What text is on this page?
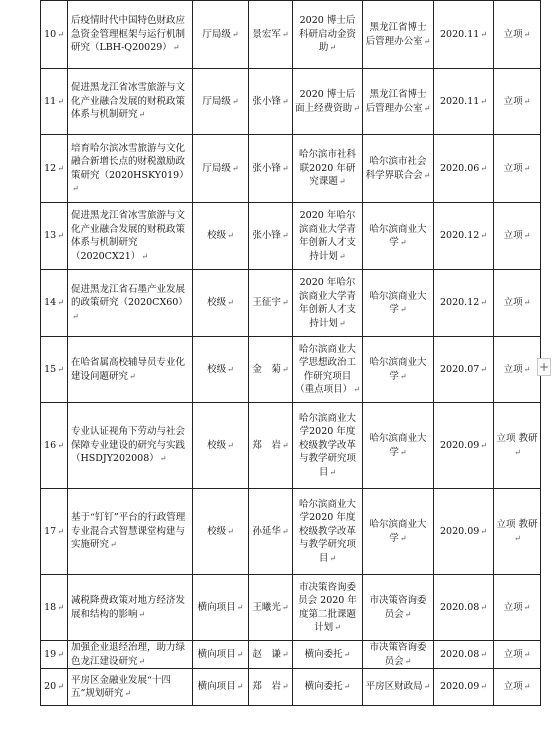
10↵	后疫情时代中国特色财政应急资金管理框架与运行机制研究（LBH-Q20029）↵	厅局级↵	景宏军↵	2020 博士后科研启动金资助↵	黑龙江省博士后管理办公室↵	2020.11↵	立项↵
11↵	促进黑龙江省冰雪旅游与文化产业融合发展的财税政策体系与机制研究↵	厅局级↵	张小锋↵	2020 博士后面上经费资助↵	黑龙江省博士后管理办公室↵	2020.11↵	立项↵
12↵	培育哈尔滨冰雪旅游与文化融合新增长点的财税激励政策研究（2020HSKY019）↵	厅局级↵	张小锋↵	哈尔滨市社科联2020 年研究课题↵	哈尔滨市社会科学界联合会↵	2020.06↵	立项↵
13↵	促进黑龙江省冰雪旅游与文化产业融合发展的财税政策体系与机制研究（2020CX21）↵	校级↵	张小锋↵	2020 年哈尔滨商业大学青年创新人才支持计划↵	哈尔滨商业大学↵	2020.12↵	立项↵
14↵	促进黑龙江省石墨产业发展的政策研究（2020CX60）↵	校级↵	王征宇↵	2020 年哈尔滨商业大学青年创新人才支持计划↵	哈尔滨商业大学↵	2020.12↵	立项↵
15↵	在哈省属高校辅导员专业化建设问题研究↵	校级↵	金　菊↵	哈尔滨商业大学思想政治工作研究项目（重点项目）↵	哈尔滨商业大学↵	2020.07↵	立项↵
16↵	专业认证视角下劳动与社会保障专业建设的研究与实践（HSDJY202008）↵	校级↵	郑　岩↵	哈尔滨商业大学2020 年度校级教学改革与教学研究项目↵	哈尔滨商业大学↵	2020.09↵	立项 教研↵
17↵	基于“钉钉”平台的行政管理专业混合式智慧课堂构建与实施研究↵	校级↵	孙延华↵	哈尔滨商业大学2020 年度校级教学改革与教学研究项目↵	哈尔滨商业大学↵	2020.09↵	立项 教研↵
18↵	减税降费政策对地方经济发展和结构的影响↵	横向项目↵	王曦光↵	市决策咨询委员会 2020 年度第二批课题计划↵	市决策咨询委员会↵	2020.08↵	立项↵
19↵	加强企业退经治理，助力绿色龙江建设研究↵	横向项目↵	赵　谦↵	横向委托↵	市决策咨询委员会↵	2020.08↵	立项↵
20↵	平房区金融业发展“十四五”规划研究↵	横向项目↵	郑　岩↵	横向委托↵	平房区财政局↵	2020.09↵	立项↵
+
